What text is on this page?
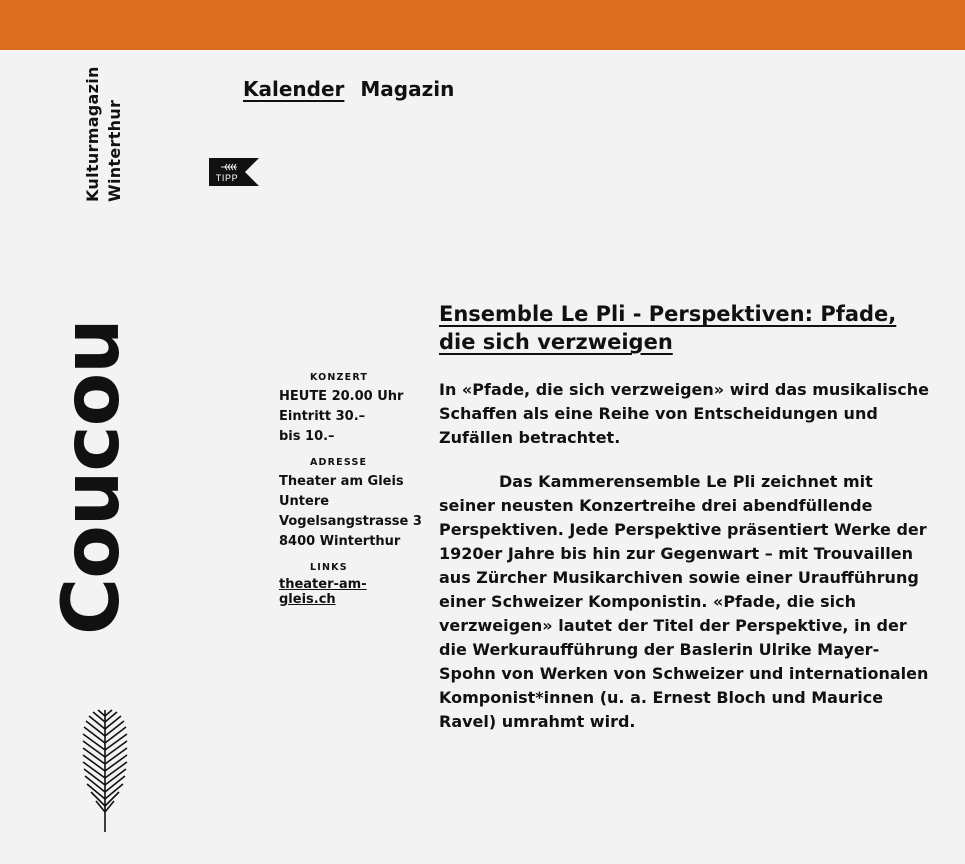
Kulturmagazin Winterthur
Coucou
Kalender Magazin
TIPP
KONZERT
HEUTE 20.00 Uhr
Eintritt 30.–
bis 10.–
ADRESSE
Theater am Gleis
Untere
Vogelsangstrasse 3
8400 Winterthur
LINKS
theater-am-gleis.ch
Ensemble Le Pli - Perspektiven: Pfade, die sich verzweigen

In «Pfade, die sich verzweigen» wird das musikalische Schaffen als eine Reihe von Entscheidungen und Zufällen betrachtet.

Das Kammerensemble Le Pli zeichnet mit seiner neusten Konzertreihe drei abendfüllende Perspektiven. Jede Perspektive präsentiert Werke der 1920er Jahre bis hin zur Gegenwart – mit Trouvaillen aus Zürcher Musikarchiven sowie einer Uraufführung einer Schweizer Komponistin. «Pfade, die sich verzweigen» lautet der Titel der Perspektive, in der die Werkuraufführung der Baslerin Ulrike Mayer-Spohn von Werken von Schweizer und internationalen Komponist*innen (u. a. Ernest Bloch und Maurice Ravel) umrahmt wird.
